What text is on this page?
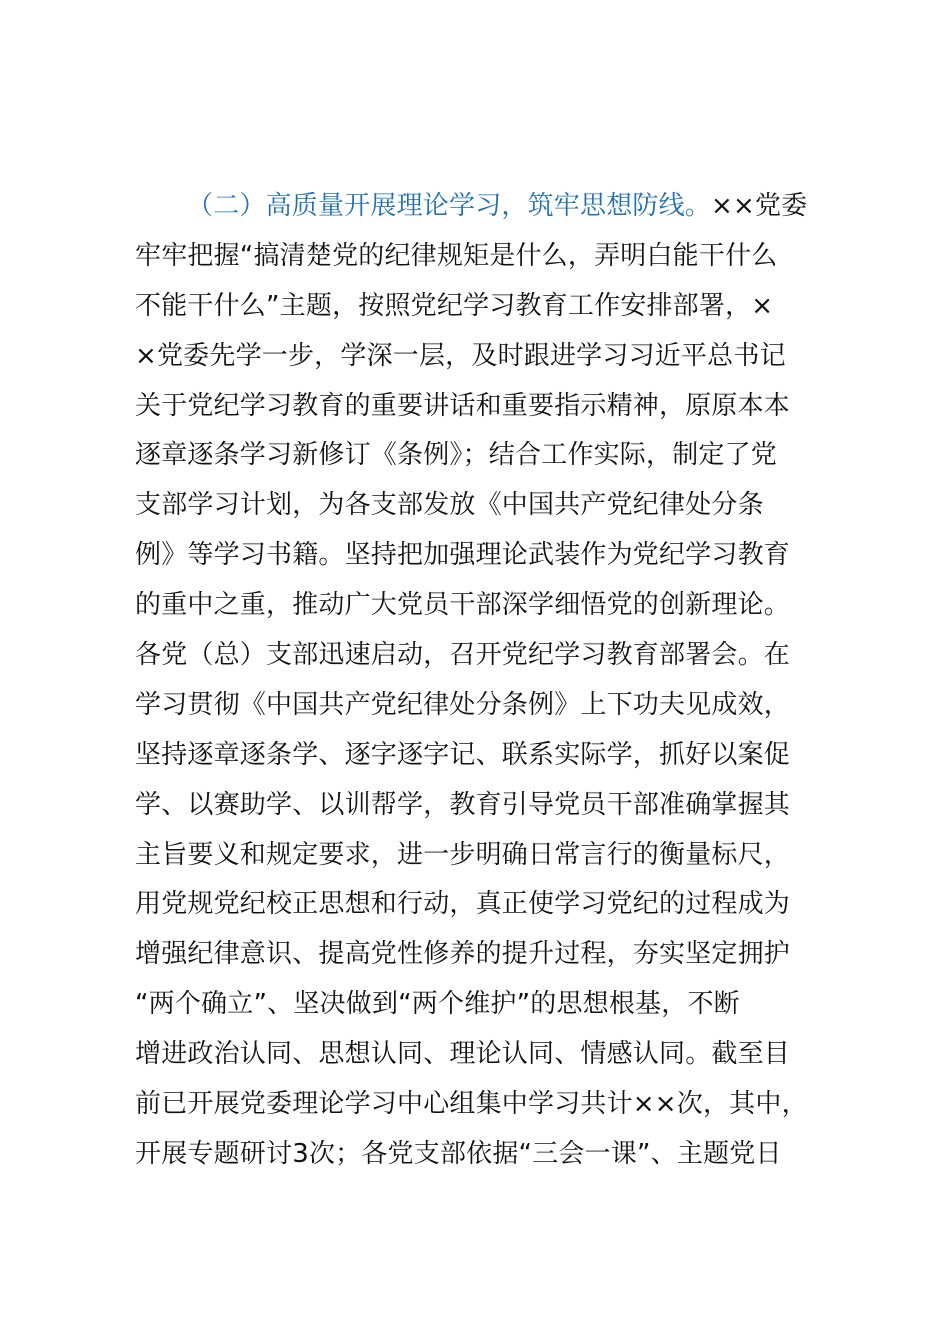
（二）高质量开展理论学习，筑牢思想防线。××党委
牢牢把握“搞清楚党的纪律规矩是什么，弄明白能干什么
不能干什么”主题，按照党纪学习教育工作安排部署，×
×党委先学一步，学深一层，及时跟进学习习近平总书记
关于党纪学习教育的重要讲话和重要指示精神，原原本本
逐章逐条学习新修订《条例》；结合工作实际，制定了党
支部学习计划，为各支部发放《中国共产党纪律处分条
例》等学习书籍。坚持把加强理论武装作为党纪学习教育
的重中之重，推动广大党员干部深学细悟党的创新理论。
各党（总）支部迅速启动，召开党纪学习教育部署会。在
学习贯彻《中国共产党纪律处分条例》上下功夫见成效，
坚持逐章逐条学、逐字逐字记、联系实际学，抓好以案促
学、以赛助学、以训帮学，教育引导党员干部准确掌握其
主旨要义和规定要求，进一步明确日常言行的衡量标尺，
用党规党纪校正思想和行动，真正使学习党纪的过程成为
增强纪律意识、提高党性修养的提升过程，夯实坚定拥护
“两个确立”、坚决做到“两个维护”的思想根基，不断
增进政治认同、思想认同、理论认同、情感认同。截至目
前已开展党委理论学习中心组集中学习共计××次，其中，
开展专题研讨3次；各党支部依据“三会一课”、主题党日
